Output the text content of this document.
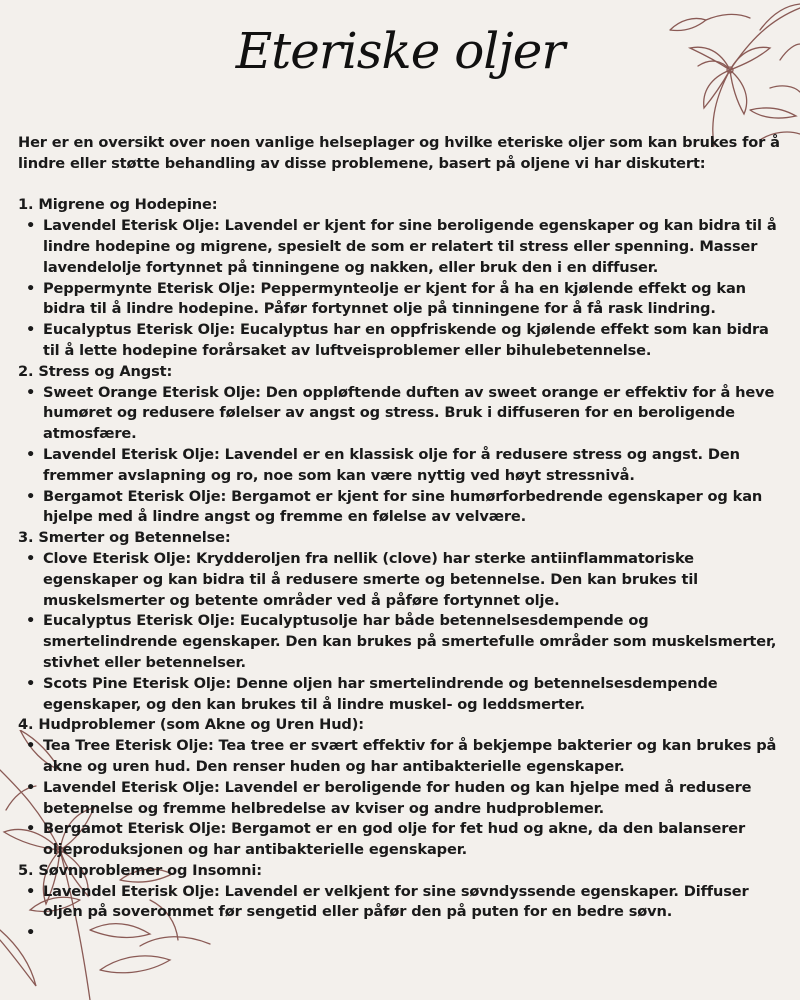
Eteriske oljer

Her er en oversikt over noen vanlige helseplager og hvilke eteriske oljer som kan brukes for å lindre eller støtte behandling av disse problemene, basert på oljene vi har diskutert:

1. Migrene og Hodepine:

• Lavendel Eterisk Olje: Lavendel er kjent for sine beroligende egenskaper og kan bidra til å lindre hodepine og migrene, spesielt de som er relatert til stress eller spenning. Masser lavendelolje fortynnet på tinningene og nakken, eller bruk den i en diffuser.
• Peppermynte Eterisk Olje: Peppermynteolje er kjent for å ha en kjølende effekt og kan bidra til å lindre hodepine. Påfør fortynnet olje på tinningene for å få rask lindring.
• Eucalyptus Eterisk Olje: Eucalyptus har en oppfriskende og kjølende effekt som kan bidra til å lette hodepine forårsaket av luftveisproblemer eller bihulebetennelse.

2. Stress og Angst:

• Sweet Orange Eterisk Olje: Den oppløftende duften av sweet orange er effektiv for å heve humøret og redusere følelser av angst og stress. Bruk i diffuseren for en beroligende atmosfære.
• Lavendel Eterisk Olje: Lavendel er en klassisk olje for å redusere stress og angst. Den fremmer avslapning og ro, noe som kan være nyttig ved høyt stressnivå.
• Bergamot Eterisk Olje: Bergamot er kjent for sine humørforbedrende egenskaper og kan hjelpe med å lindre angst og fremme en følelse av velvære.

3. Smerter og Betennelse:

• Clove Eterisk Olje: Krydderoljen fra nellik (clove) har sterke antiinflammatoriske egenskaper og kan bidra til å redusere smerte og betennelse. Den kan brukes til muskelsmerter og betente områder ved å påføre fortynnet olje.
• Eucalyptus Eterisk Olje: Eucalyptusolje har både betennelsesdempende og smertelindrende egenskaper. Den kan brukes på smertefulle områder som muskelsmerter, stivhet eller betennelser.
• Scots Pine Eterisk Olje: Denne oljen har smertelindrende og betennelsesdempende egenskaper, og den kan brukes til å lindre muskel- og leddsmerter.

4. Hudproblemer (som Akne og Uren Hud):

• Tea Tree Eterisk Olje: Tea tree er svært effektiv for å bekjempe bakterier og kan brukes på akne og uren hud. Den renser huden og har antibakterielle egenskaper.
• Lavendel Eterisk Olje: Lavendel er beroligende for huden og kan hjelpe med å redusere betennelse og fremme helbredelse av kviser og andre hudproblemer.
• Bergamot Eterisk Olje: Bergamot er en god olje for fet hud og akne, da den balanserer oljeproduksjonen og har antibakterielle egenskaper.

5. Søvnproblemer og Insomni:

• Lavendel Eterisk Olje: Lavendel er velkjent for sine søvndyssende egenskaper. Diffuser oljen på soverommet før sengetid eller påfør den på puten for en bedre søvn.
•
